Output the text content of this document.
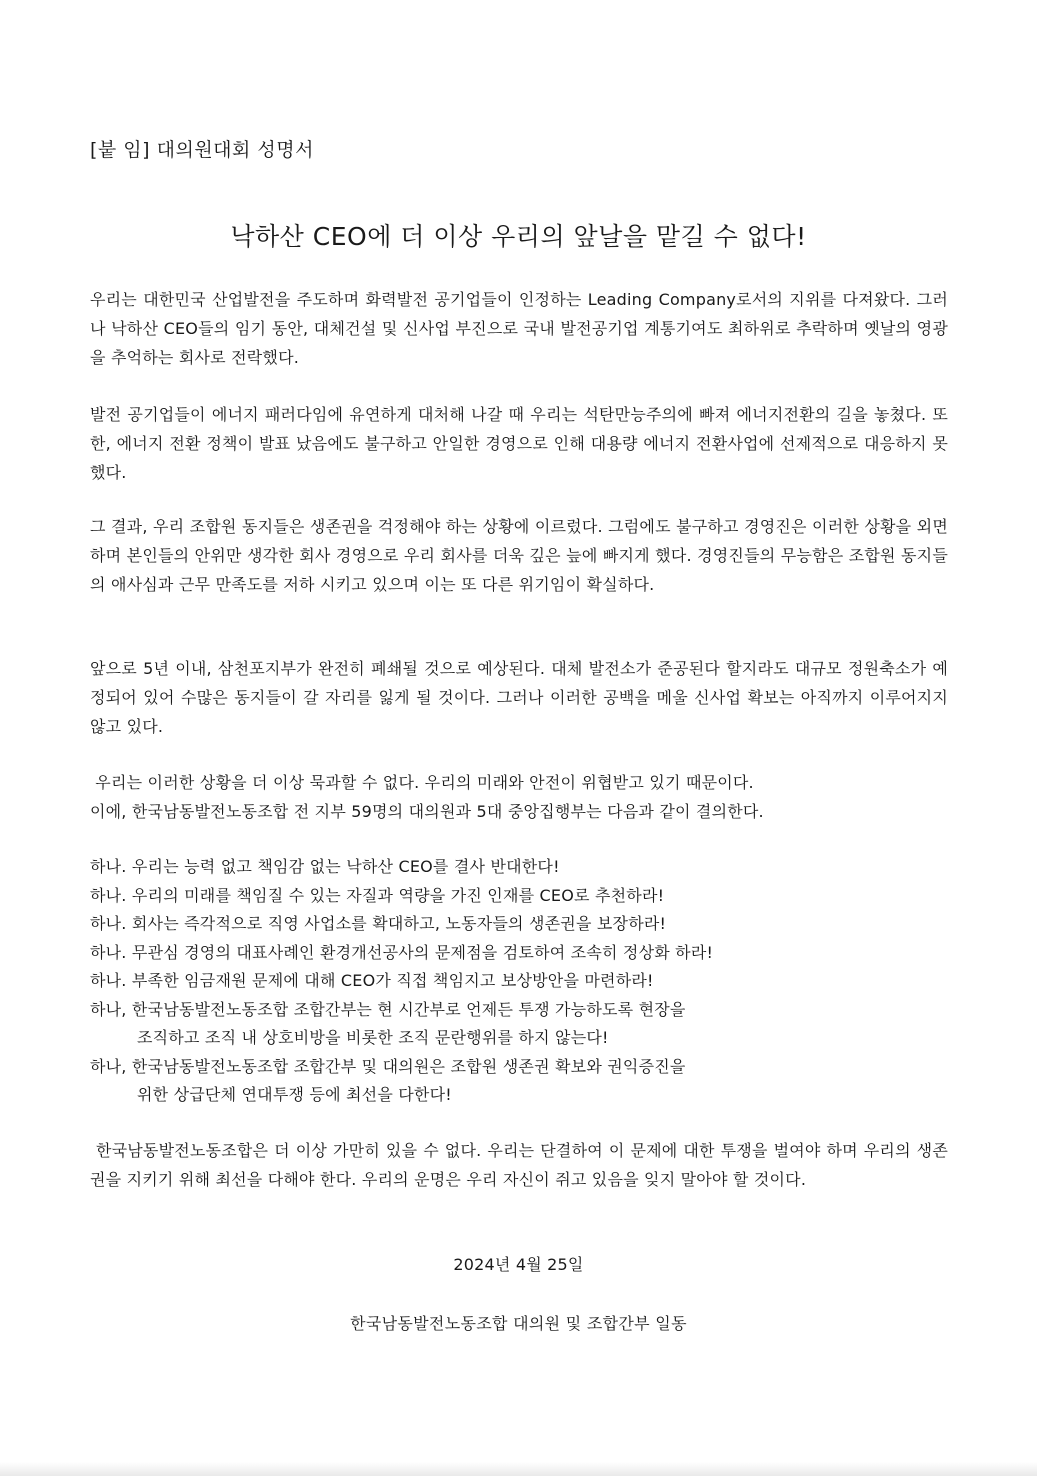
[붙 임] 대의원대회 성명서
낙하산 CEO에 더 이상 우리의 앞날을 맡길 수 없다!

우리는 대한민국 산업발전을 주도하며 화력발전 공기업들이 인정하는 Leading Company로서의 지위를 다져왔다. 그러나 낙하산 CEO들의 임기 동안, 대체건설 및 신사업 부진으로 국내 발전공기업 계통기여도 최하위로 추락하며 옛날의 영광을 추억하는 회사로 전락했다.

발전 공기업들이 에너지 패러다임에 유연하게 대처해 나갈 때 우리는 석탄만능주의에 빠져 에너지전환의 길을 놓쳤다. 또한, 에너지 전환 정책이 발표 났음에도 불구하고 안일한 경영으로 인해 대용량 에너지 전환사업에 선제적으로 대응하지 못했다.

그 결과, 우리 조합원 동지들은 생존권을 걱정해야 하는 상황에 이르렀다. 그럼에도 불구하고 경영진은 이러한 상황을 외면하며 본인들의 안위만 생각한 회사 경영으로 우리 회사를 더욱 깊은 늪에 빠지게 했다. 경영진들의 무능함은 조합원 동지들의 애사심과 근무 만족도를 저하 시키고 있으며 이는 또 다른 위기임이 확실하다.

앞으로 5년 이내, 삼천포지부가 완전히 폐쇄될 것으로 예상된다. 대체 발전소가 준공된다 할지라도 대규모 정원축소가 예정되어 있어 수많은 동지들이 갈 자리를 잃게 될 것이다. 그러나 이러한 공백을 메울 신사업 확보는 아직까지 이루어지지 않고 있다.

우리는 이러한 상황을 더 이상 묵과할 수 없다. 우리의 미래와 안전이 위협받고 있기 때문이다.
이에, 한국남동발전노동조합 전 지부 59명의 대의원과 5대 중앙집행부는 다음과 같이 결의한다.
하나. 우리는 능력 없고 책임감 없는 낙하산 CEO를 결사 반대한다!
하나. 우리의 미래를 책임질 수 있는 자질과 역량을 가진 인재를 CEO로 추천하라!
하나. 회사는 즉각적으로 직영 사업소를 확대하고, 노동자들의 생존권을 보장하라!
하나. 무관심 경영의 대표사례인 환경개선공사의 문제점을 검토하여 조속히 정상화 하라!
하나. 부족한 임금재원 문제에 대해 CEO가 직접 책임지고 보상방안을 마련하라!
하나, 한국남동발전노동조합 조합간부는 현 시간부로 언제든 투쟁 가능하도록 현장을
조직하고 조직 내 상호비방을 비롯한 조직 문란행위를 하지 않는다!
하나, 한국남동발전노동조합 조합간부 및 대의원은 조합원 생존권 확보와 권익증진을
위한 상급단체 연대투쟁 등에 최선을 다한다!

한국남동발전노동조합은 더 이상 가만히 있을 수 없다. 우리는 단결하여 이 문제에 대한 투쟁을 벌여야 하며 우리의 생존권을 지키기 위해 최선을 다해야 한다. 우리의 운명은 우리 자신이 쥐고 있음을 잊지 말아야 할 것이다.

2024년 4월 25일
한국남동발전노동조합 대의원 및 조합간부 일동
